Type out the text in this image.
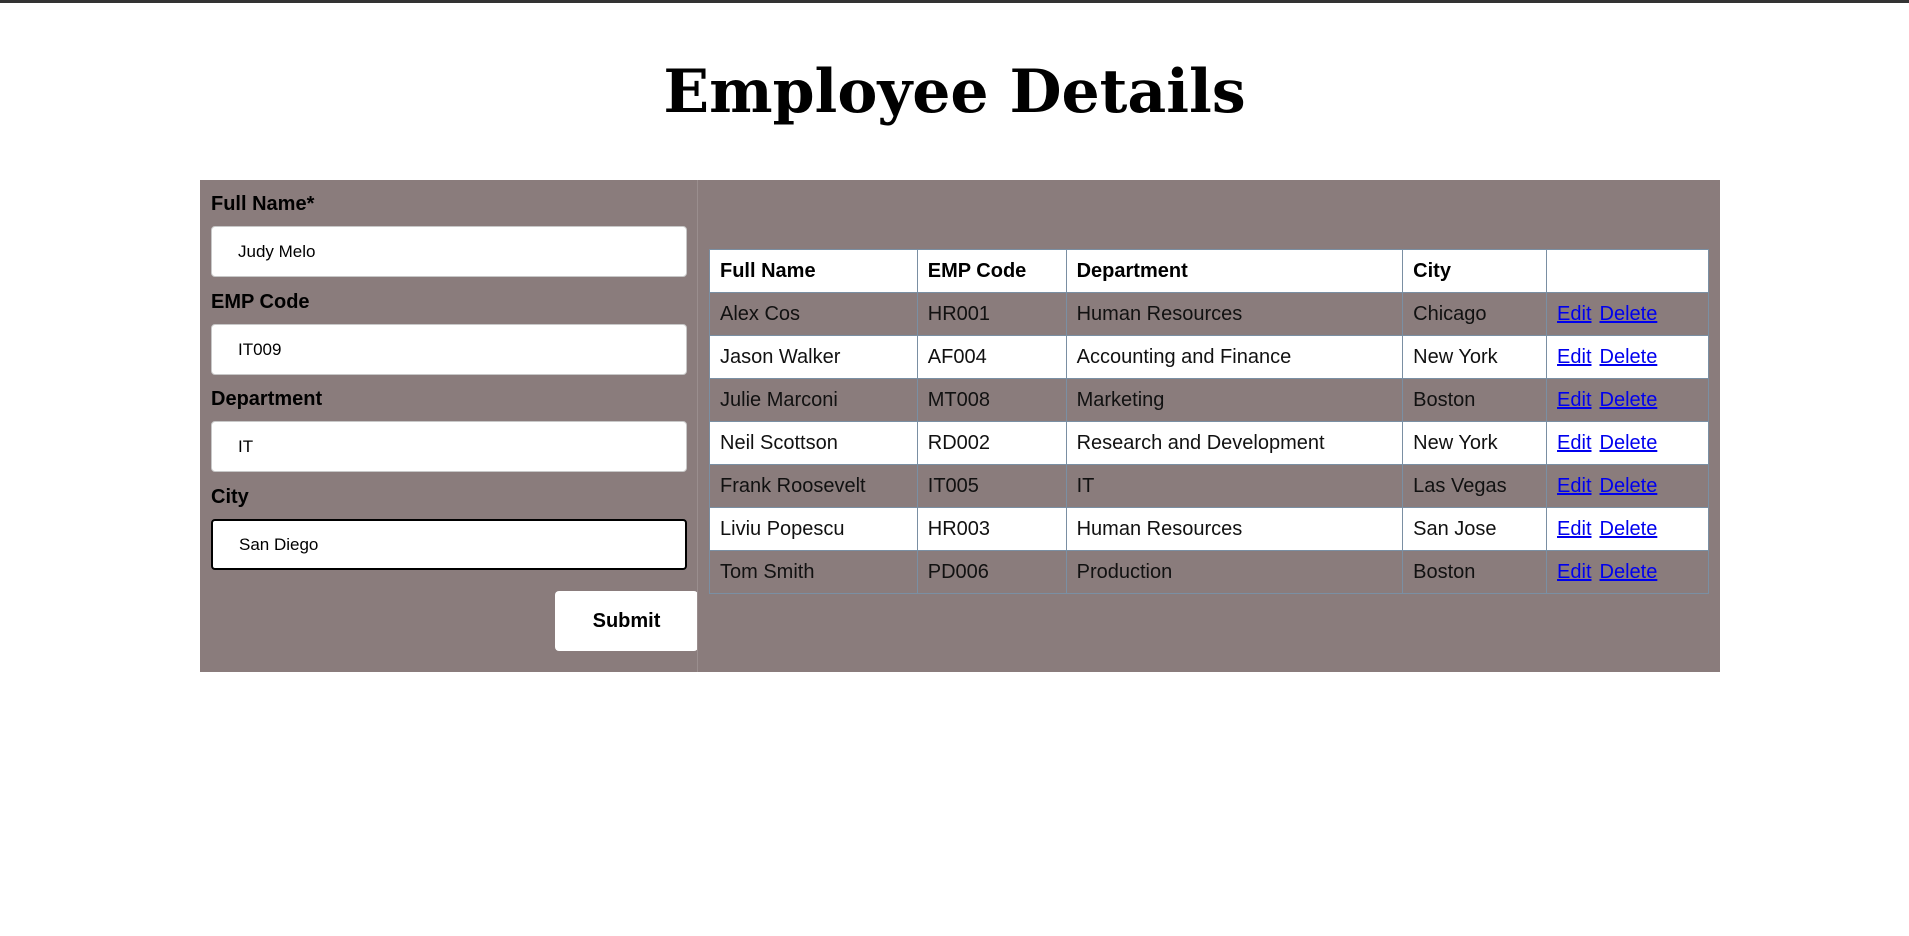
Employee Details
Full Name*
Judy Melo
EMP Code
IT009
Department
IT
City
San Diego
Submit
Full Name	EMP Code	Department	City	
Alex Cos	HR001	Human Resources	Chicago	Edit Delete
Jason Walker	AF004	Accounting and Finance	New York	Edit Delete
Julie Marconi	MT008	Marketing	Boston	Edit Delete
Neil Scottson	RD002	Research and Development	New York	Edit Delete
Frank Roosevelt	IT005	IT	Las Vegas	Edit Delete
Liviu Popescu	HR003	Human Resources	San Jose	Edit Delete
Tom Smith	PD006	Production	Boston	Edit Delete
